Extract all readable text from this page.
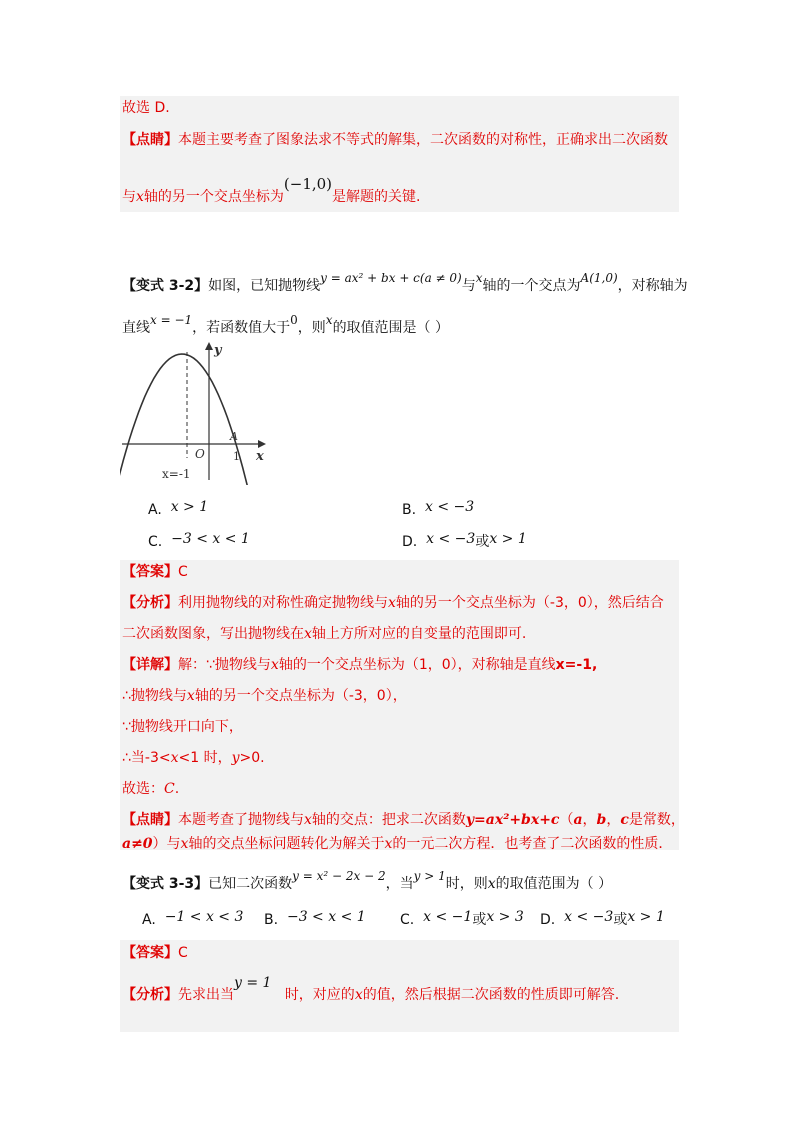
故选 D.
【点睛】本题主要考查了图象法求不等式的解集，二次函数的对称性，正确求出二次函数
与x轴的另一个交点坐标为(−1,0)是解题的关键.
【变式 3-2】如图，已知抛物线y = ax² + bx + c(a ≠ 0)与x轴的一个交点为A(1,0)，对称轴为
直线x = −1，若函数值大于0，则x的取值范围是（ ）
y
x
O
A
1
x=-1
A. x > 1	B. x < −3
C. −3 < x < 1	D. x < −3或x > 1
【答案】C
【分析】利用抛物线的对称性确定抛物线与x轴的另一个交点坐标为（-3，0），然后结合
二次函数图象，写出抛物线在x轴上方所对应的自变量的范围即可.
【详解】解：∵抛物线与x轴的一个交点坐标为（1，0），对称轴是直线x=-1,
∴抛物线与x轴的另一个交点坐标为（-3，0），
∵抛物线开口向下，
∴当-3<x<1 时，y>0.
故选：C.
【点睛】本题考查了抛物线与x轴的交点：把求二次函数y=ax²+bx+c（a，b，c是常数，
a≠0）与x轴的交点坐标问题转化为解关于x的一元二次方程．也考查了二次函数的性质．
【变式 3-3】已知二次函数y = x² − 2x − 2，当y > 1时，则x的取值范围为（ ）
A. −1 < x < 3 B. −3 < x < 1 C. x < −1或x > 3 D. x < −3或x > 1
【答案】C
【分析】先求出当y = 1   时，对应的x的值，然后根据二次函数的性质即可解答.
